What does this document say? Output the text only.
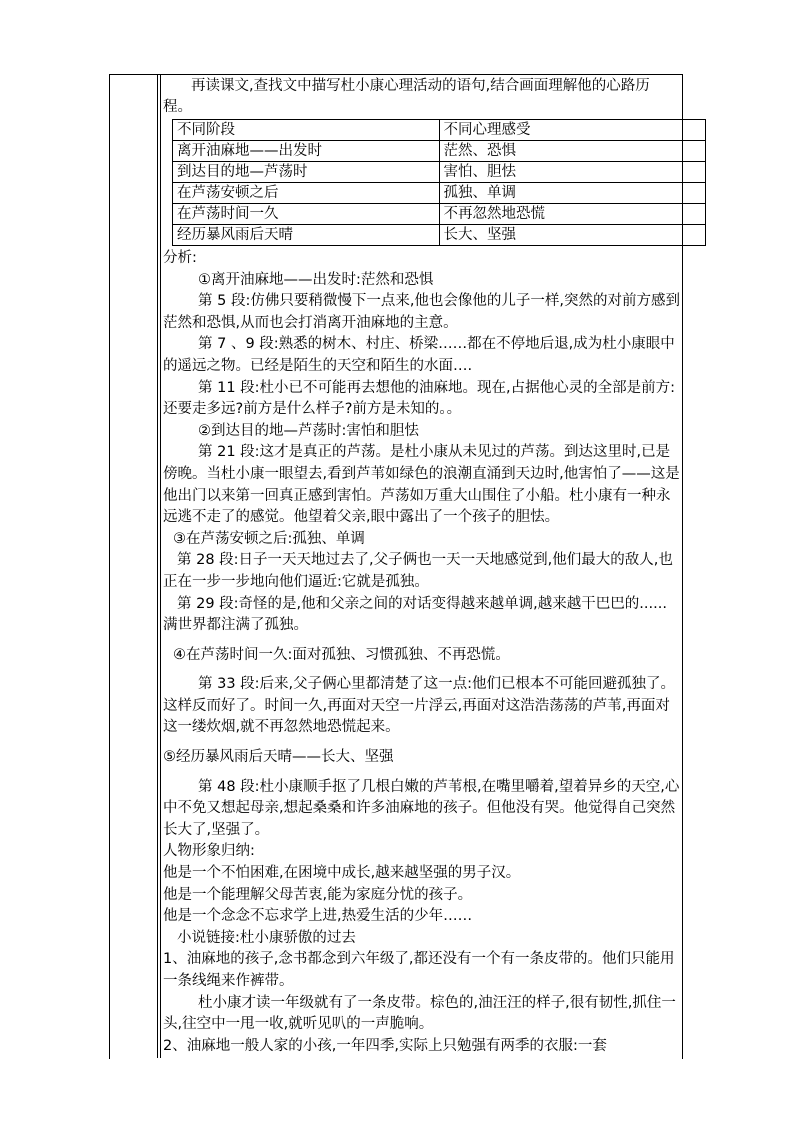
再读课文,查找文中描写杜小康心理活动的语句,结合画面理解他的心路历程。

不同阶段	不同心理感受
离开油麻地——出发时	茫然、恐惧
到达目的地—芦荡时	害怕、胆怯
在芦荡安顿之后	孤独、单调
在芦荡时间一久	不再忽然地恐慌
经历暴风雨后天晴	长大、坚强

分析:

①离开油麻地——出发时:茫然和恐惧

第 5 段:仿佛只要稍微慢下一点来,他也会像他的儿子一样,突然的对前方感到茫然和恐惧,从而也会打消离开油麻地的主意。

第 7 、9 段:熟悉的树木、村庄、桥梁……都在不停地后退,成为杜小康眼中的遥远之物。已经是陌生的天空和陌生的水面….

第 11 段:杜小已不可能再去想他的油麻地。现在,占据他心灵的全部是前方:还要走多远?前方是什么样子?前方是未知的。。

②到达目的地—芦荡时:害怕和胆怯

第 21 段:这才是真正的芦荡。是杜小康从未见过的芦荡。到达这里时,已是傍晚。当杜小康一眼望去,看到芦苇如绿色的浪潮直涌到天边时,他害怕了——这是他出门以来第一回真正感到害怕。芦荡如万重大山围住了小船。杜小康有一种永远逃不走了的感觉。他望着父亲,眼中露出了一个孩子的胆怯。

③在芦荡安顿之后:孤独、单调

第 28 段:日子一天天地过去了,父子俩也一天一天地感觉到,他们最大的敌人,也正在一步一步地向他们逼近:它就是孤独。

第 29 段:奇怪的是,他和父亲之间的对话变得越来越单调,越来越干巴巴的......满世界都注满了孤独。

④在芦荡时间一久:面对孤独、习惯孤独、不再恐慌。

第 33 段:后来,父子俩心里都清楚了这一点:他们已根本不可能回避孤独了。这样反而好了。时间一久,再面对天空一片浮云,再面对这浩浩荡荡的芦苇,再面对这一缕炊烟,就不再忽然地恐慌起来。

⑤经历暴风雨后天晴——长大、坚强

第 48 段:杜小康顺手抠了几根白嫩的芦苇根,在嘴里嚼着,望着异乡的天空,心中不免又想起母亲,想起桑桑和许多油麻地的孩子。但他没有哭。他觉得自己突然长大了,坚强了。

人物形象归纳:

他是一个不怕困难,在困境中成长,越来越坚强的男子汉。

他是一个能理解父母苦衷,能为家庭分忧的孩子。

他是一个念念不忘求学上进,热爱生活的少年……

小说链接:杜小康骄傲的过去

1、油麻地的孩子,念书都念到六年级了,都还没有一个有一条皮带的。他们只能用一条线绳来作裤带。

杜小康才读一年级就有了一条皮带。棕色的,油汪汪的样子,很有韧性,抓住一头,往空中一甩一收,就听见叭的一声脆响。

2、油麻地一般人家的小孩,一年四季,实际上只勉强有两季的衣服:一套
